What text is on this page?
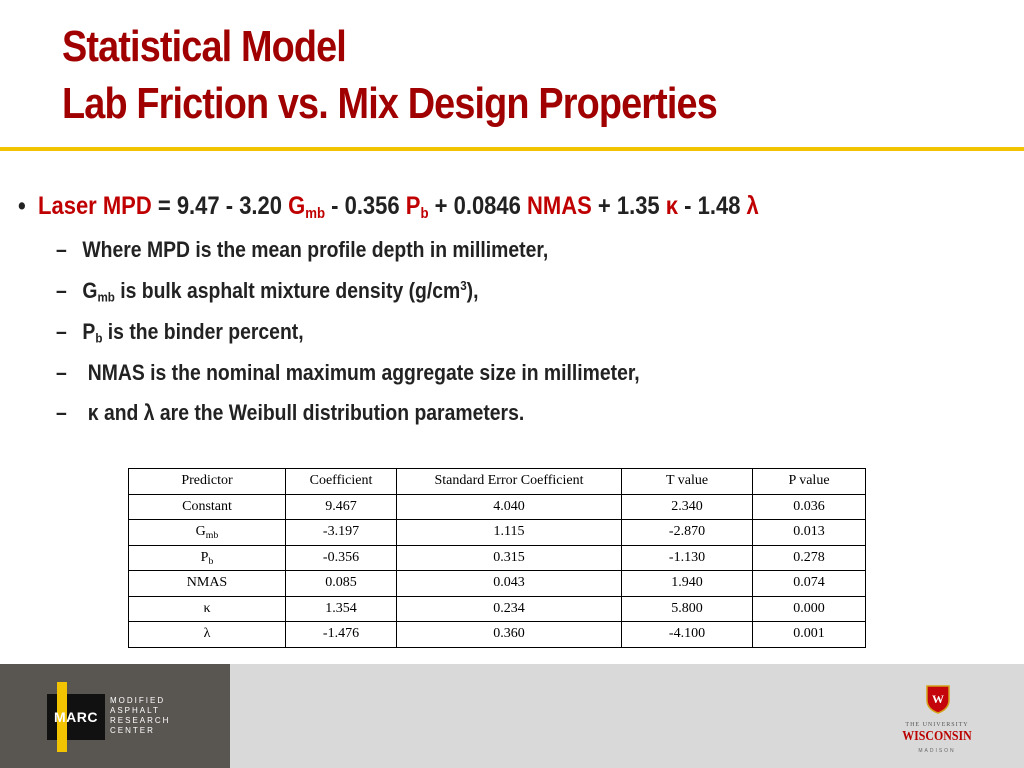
Statistical Model
Lab Friction vs. Mix Design Properties
• Laser MPD = 9.47 - 3.20 $G_{mb} - 0.356$ $P_b + 0.0846$ NMAS + 1.35 κ - 1.48 λ
– Where MPD is the mean profile depth in millimeter,
– $G_{mb}$ is bulk asphalt mixture density $(g/cm^3)$,
– $P_b$ is the binder percent,
– NMAS is the nominal maximum aggregate size in millimeter,
– κ and λ are the Weibull distribution parameters.
Predictor	Coefficient	Standard Error Coefficient	T value	P value
Constant	9.467	4.040	2.340	0.036
$G_{mb}$	-3.197	1.115	-2.870	0.013
$P_b$	-0.356	0.315	-1.130	0.278
NMAS	0.085	0.043	1.940	0.074
κ	1.354	0.234	5.800	0.000
λ	-1.476	0.360	-4.100	0.001
MARC
MODIFIED
ASPHALT
RESEARCH
CENTER
W
THE UNIVERSITY
WISCONSIN
MADISON
